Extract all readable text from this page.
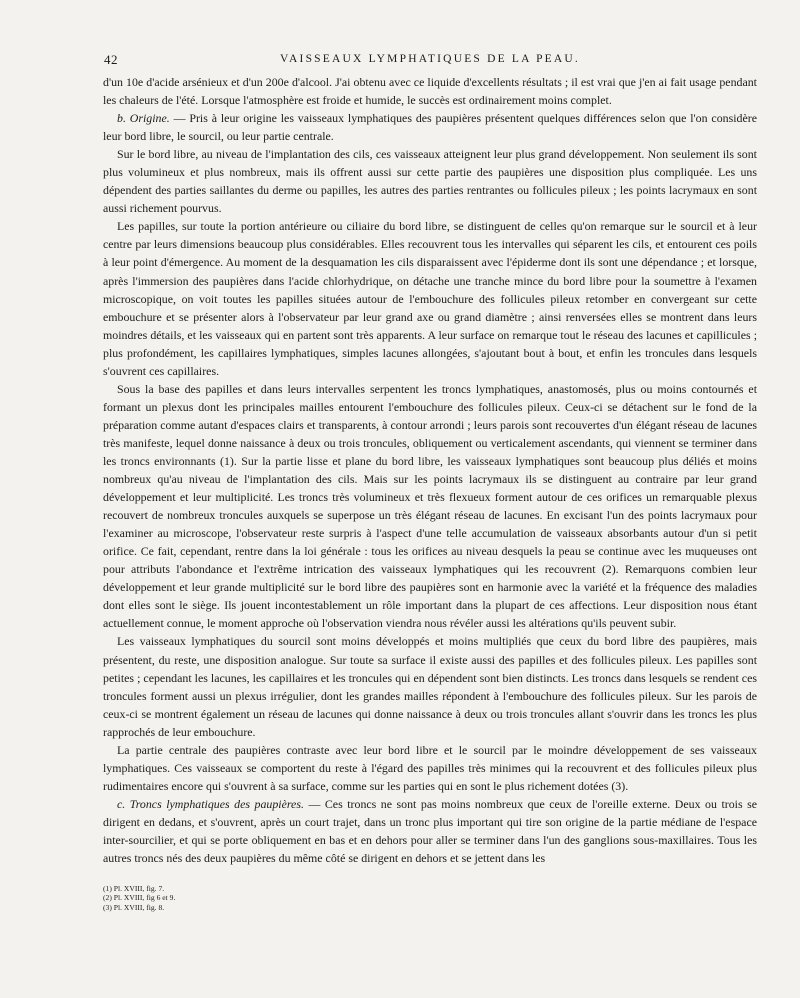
42	VAISSEAUX LYMPHATIQUES DE LA PEAU.

d'un 10e d'acide arsénieux et d'un 200e d'alcool. J'ai obtenu avec ce liquide d'excellents résultats ; il est vrai que j'en ai fait usage pendant les chaleurs de l'été. Lorsque l'atmosphère est froide et humide, le succès est ordinairement moins complet.

b. Origine. — Pris à leur origine les vaisseaux lymphatiques des paupières présentent quelques différences selon que l'on considère leur bord libre, le sourcil, ou leur partie centrale.

Sur le bord libre, au niveau de l'implantation des cils, ces vaisseaux atteignent leur plus grand développement. Non seulement ils sont plus volumineux et plus nombreux, mais ils offrent aussi sur cette partie des paupières une disposition plus compliquée. Les uns dépendent des parties saillantes du derme ou papilles, les autres des parties rentrantes ou follicules pileux ; les points lacrymaux en sont aussi richement pourvus.

Les papilles, sur toute la portion antérieure ou ciliaire du bord libre, se distinguent de celles qu'on remarque sur le sourcil et à leur centre par leurs dimensions beaucoup plus considérables. Elles recouvrent tous les intervalles qui séparent les cils, et entourent ces poils à leur point d'émergence. Au moment de la desquamation les cils disparaissent avec l'épiderme dont ils sont une dépendance ; et lorsque, après l'immersion des paupières dans l'acide chlorhydrique, on détache une tranche mince du bord libre pour la soumettre à l'examen microscopique, on voit toutes les papilles situées autour de l'embouchure des follicules pileux retomber en convergeant sur cette embouchure et se présenter alors à l'observateur par leur grand axe ou grand diamètre ; ainsi renversées elles se montrent dans leurs moindres détails, et les vaisseaux qui en partent sont très apparents. A leur surface on remarque tout le réseau des lacunes et capillicules ; plus profondément, les capillaires lymphatiques, simples lacunes allongées, s'ajoutant bout à bout, et enfin les troncules dans lesquels s'ouvrent ces capillaires.

Sous la base des papilles et dans leurs intervalles serpentent les troncs lymphatiques, anastomosés, plus ou moins contournés et formant un plexus dont les principales mailles entourent l'embouchure des follicules pileux. Ceux-ci se détachent sur le fond de la préparation comme autant d'espaces clairs et transparents, à contour arrondi ; leurs parois sont recouvertes d'un élégant réseau de lacunes très manifeste, lequel donne naissance à deux ou trois troncules, obliquement ou verticalement ascendants, qui viennent se terminer dans les troncs environnants (1). Sur la partie lisse et plane du bord libre, les vaisseaux lymphatiques sont beaucoup plus déliés et moins nombreux qu'au niveau de l'implantation des cils. Mais sur les points lacrymaux ils se distinguent au contraire par leur grand développement et leur multiplicité. Les troncs très volumineux et très flexueux forment autour de ces orifices un remarquable plexus recouvert de nombreux troncules auxquels se superpose un très élégant réseau de lacunes. En excisant l'un des points lacrymaux pour l'examiner au microscope, l'observateur reste surpris à l'aspect d'une telle accumulation de vaisseaux absorbants autour d'un si petit orifice. Ce fait, cependant, rentre dans la loi générale : tous les orifices au niveau desquels la peau se continue avec les muqueuses ont pour attributs l'abondance et l'extrême intrication des vaisseaux lymphatiques qui les recouvrent (2). Remarquons combien leur développement et leur grande multiplicité sur le bord libre des paupières sont en harmonie avec la variété et la fréquence des maladies dont elles sont le siège. Ils jouent incontestablement un rôle important dans la plupart de ces affections. Leur disposition nous étant actuellement connue, le moment approche où l'observation viendra nous révéler aussi les altérations qu'ils peuvent subir.

Les vaisseaux lymphatiques du sourcil sont moins développés et moins multipliés que ceux du bord libre des paupières, mais présentent, du reste, une disposition analogue. Sur toute sa surface il existe aussi des papilles et des follicules pileux. Les papilles sont petites ; cependant les lacunes, les capillaires et les troncules qui en dépendent sont bien distincts. Les troncs dans lesquels se rendent ces troncules forment aussi un plexus irrégulier, dont les grandes mailles répondent à l'embouchure des follicules pileux. Sur les parois de ceux-ci se montrent également un réseau de lacunes qui donne naissance à deux ou trois troncules allant s'ouvrir dans les troncs les plus rapprochés de leur embouchure.

La partie centrale des paupières contraste avec leur bord libre et le sourcil par le moindre développement de ses vaisseaux lymphatiques. Ces vaisseaux se comportent du reste à l'égard des papilles très minimes qui la recouvrent et des follicules pileux plus rudimentaires encore qui s'ouvrent à sa surface, comme sur les parties qui en sont le plus richement dotées (3).

c. Troncs lymphatiques des paupières. — Ces troncs ne sont pas moins nombreux que ceux de l'oreille externe. Deux ou trois se dirigent en dedans, et s'ouvrent, après un court trajet, dans un tronc plus important qui tire son origine de la partie médiane de l'espace inter-sourcilier, et qui se porte obliquement en bas et en dehors pour aller se terminer dans l'un des ganglions sous-maxillaires. Tous les autres troncs nés des deux paupières du même côté se dirigent en dehors et se jettent dans les

(1) Pl. XVIII, fig. 7.
(2) Pl. XVIII, fig 6 et 9.
(3) Pl. XVIII, fig. 8.
